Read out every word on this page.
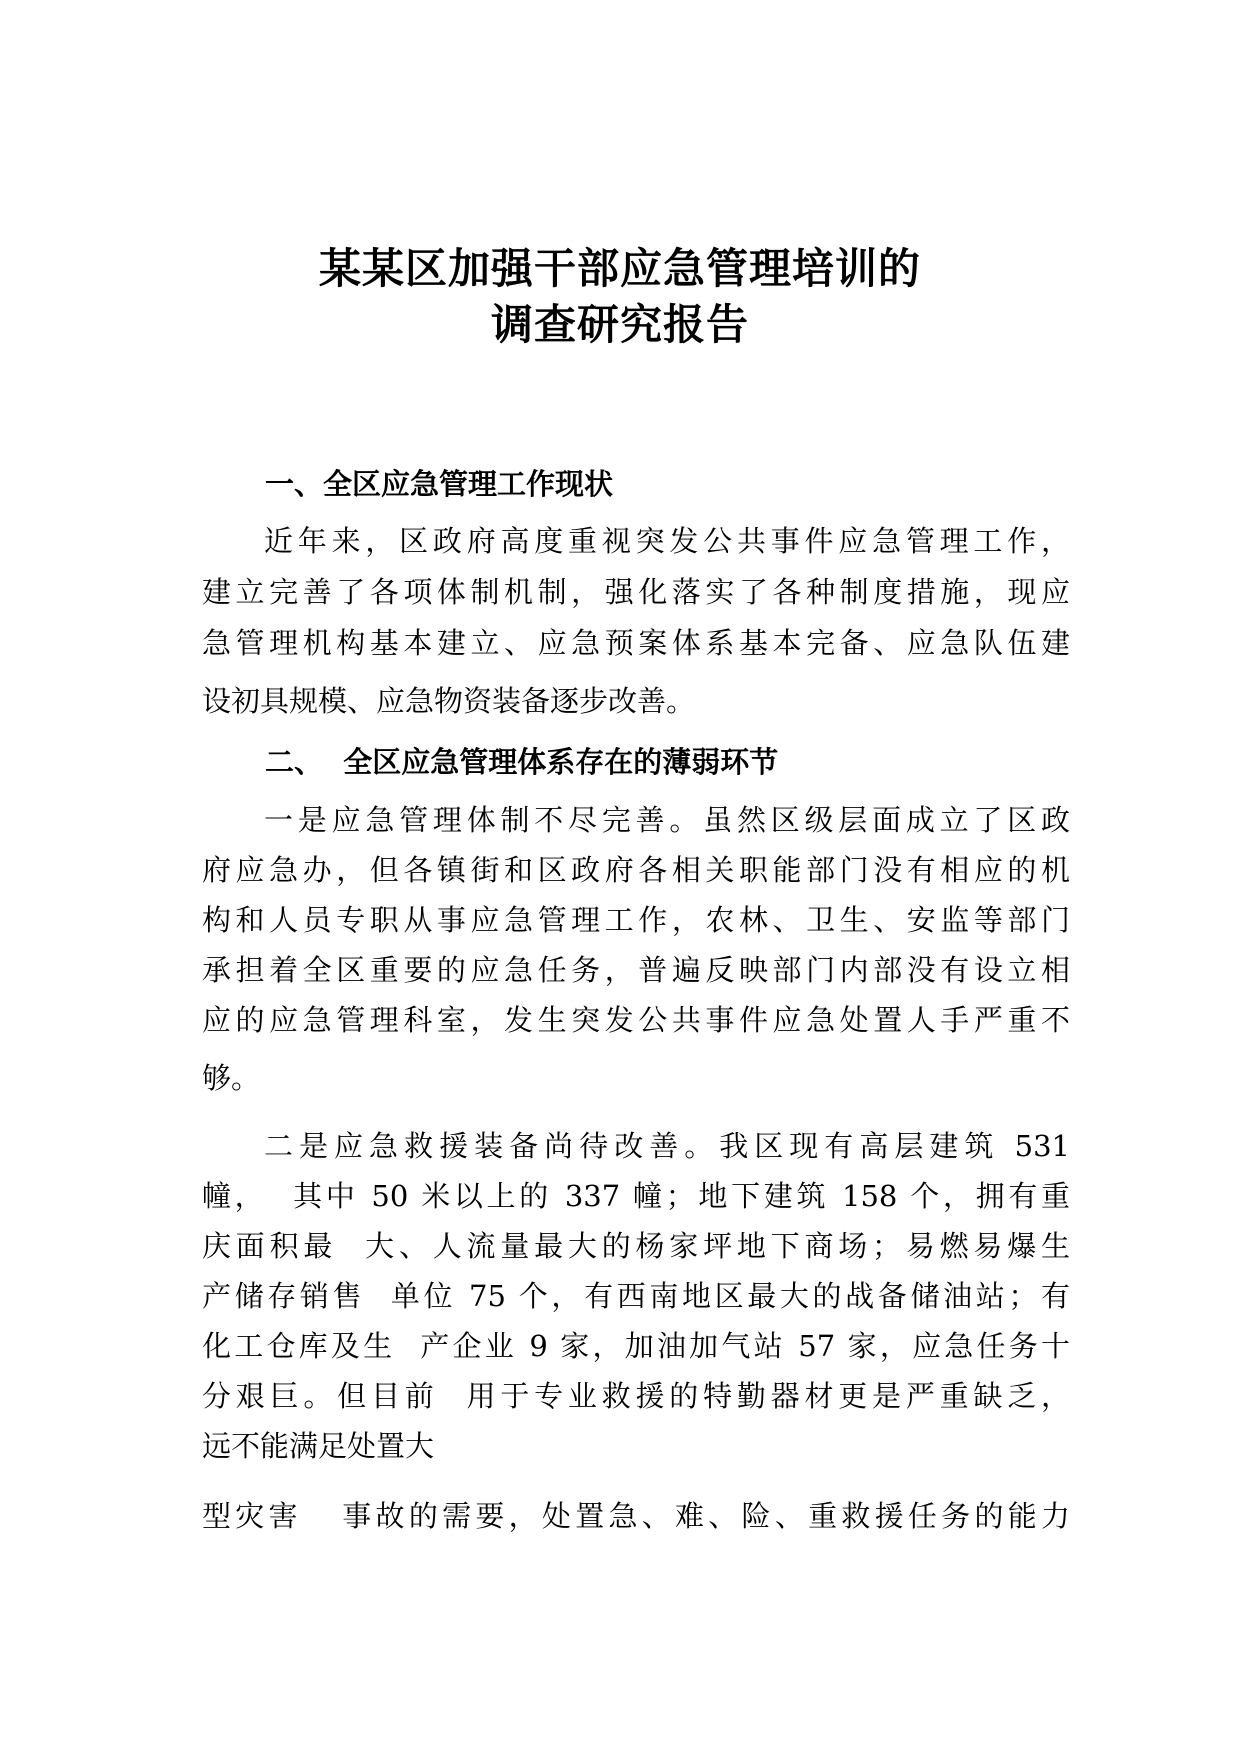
某某区加强干部应急管理培训的
调查研究报告
一、全区应急管理工作现状

近年来，区政府高度重视突发公共事件应急管理工作，

建立完善了各项体制机制，强化落实了各种制度措施，现应

急管理机构基本建立、应急预案体系基本完备、应急队伍建

设初具规模、应急物资装备逐步改善。

二、  全区应急管理体系存在的薄弱环节

一是应急管理体制不尽完善。虽然区级层面成立了区政

府应急办，但各镇街和区政府各相关职能部门没有相应的机

构和人员专职从事应急管理工作，农林、卫生、安监等部门

承担着全区重要的应急任务，普遍反映部门内部没有设立相

应的应急管理科室，发生突发公共事件应急处置人手严重不

够。

二是应急救援装备尚待改善。我区现有高层建筑 531

幢，  其中 50 米以上的 337 幢；地下建筑 158 个，拥有重

庆面积最  大、人流量最大的杨家坪地下商场；易燃易爆生

产储存销售  单位 75 个，有西南地区最大的战备储油站；有

化工仓库及生  产企业 9 家，加油加气站 57 家，应急任务十

分艰巨。但目前  用于专业救援的特勤器材更是严重缺乏，

远不能满足处置大

型灾害   事故的需要，处置急、难、险、重救援任务的能力
